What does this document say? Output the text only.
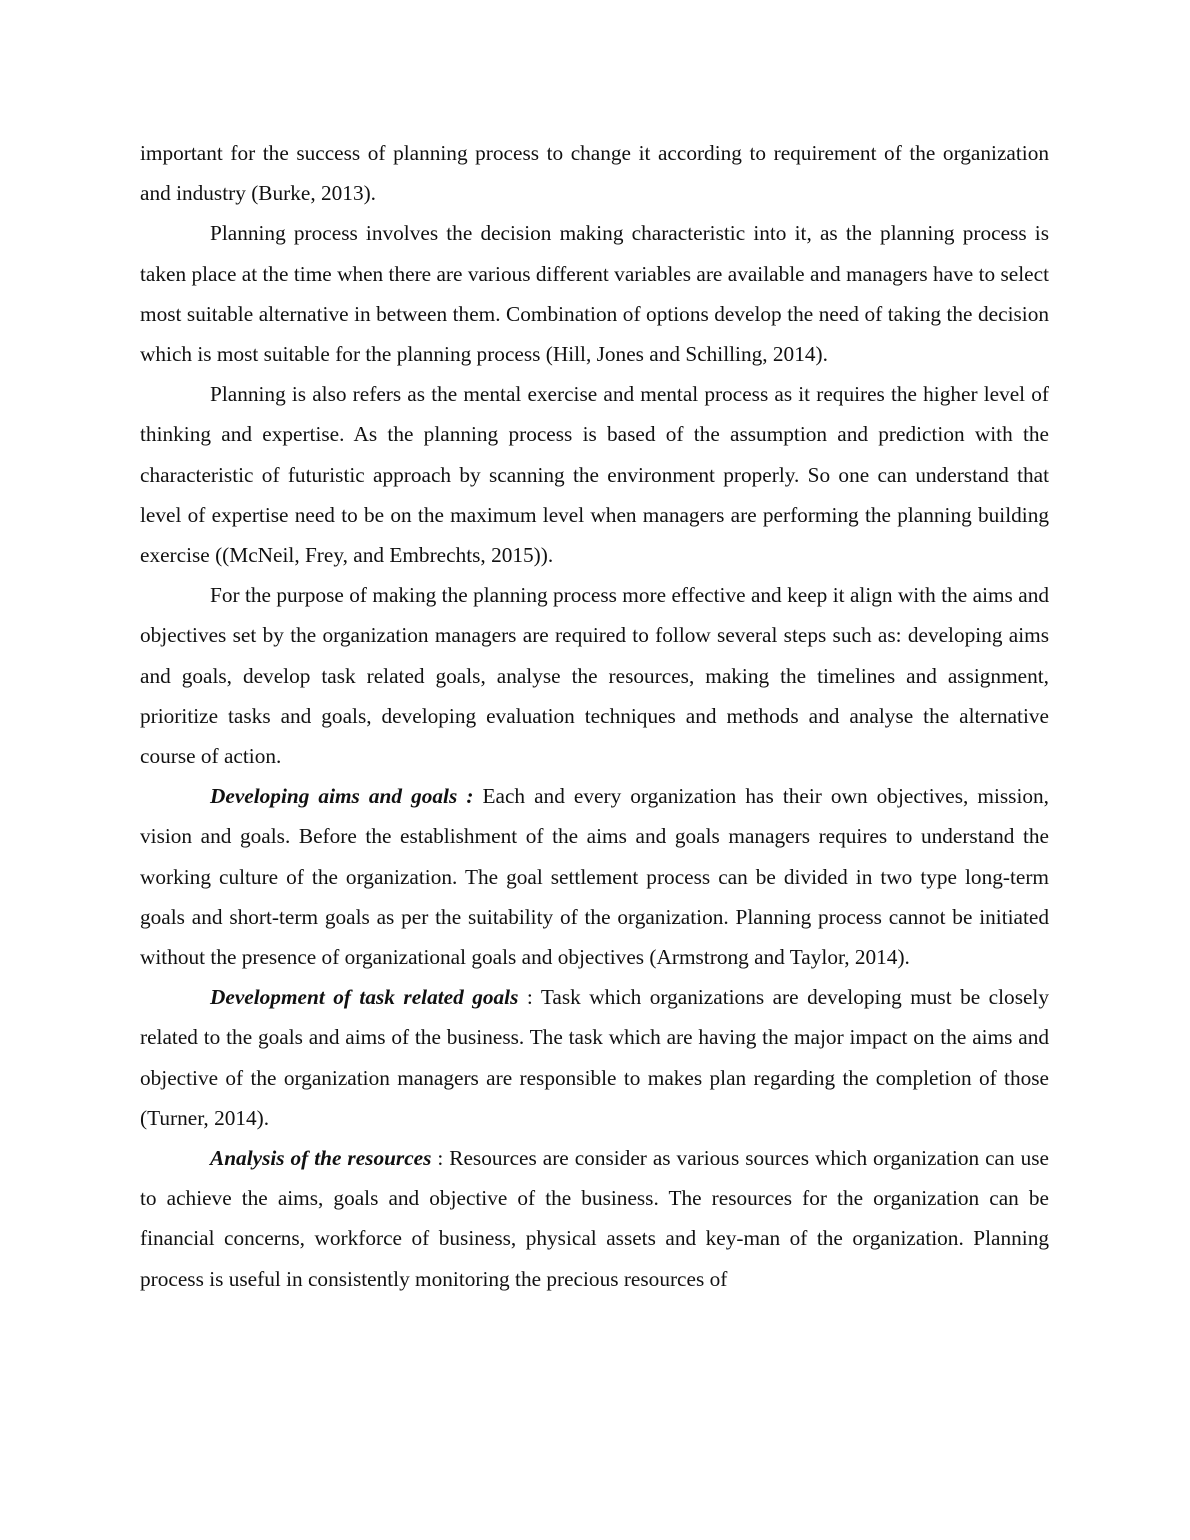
important for the success of planning process to change it according to requirement of the organization and industry (Burke, 2013).

Planning process involves the decision making characteristic into it, as the planning process is taken place at the time when there are various different variables are available and managers have to select most suitable alternative in between them. Combination of options develop the need of taking the decision which is most suitable for the planning process (Hill, Jones and Schilling, 2014).

Planning is also refers as the mental exercise and mental process as it requires the higher level of thinking and expertise. As the planning process is based of the assumption and prediction with the characteristic of futuristic approach by scanning the environment properly. So one can understand that level of expertise need to be on the maximum level when managers are performing the planning building exercise ((McNeil, Frey, and Embrechts, 2015)).

For the purpose of making the planning process more effective and keep it align with the aims and objectives set by the organization managers are required to follow several steps such as: developing aims and goals, develop task related goals, analyse the resources, making the timelines and assignment, prioritize tasks and goals, developing evaluation techniques and methods and analyse the alternative course of action.

Developing aims and goals : Each and every organization has their own objectives, mission, vision and goals. Before the establishment of the aims and goals managers requires to understand the working culture of the organization. The goal settlement process can be divided in two type long-term goals and short-term goals as per the suitability of the organization. Planning process cannot be initiated without the presence of organizational goals and objectives (Armstrong and Taylor, 2014).

Development of task related goals : Task which organizations are developing must be closely related to the goals and aims of the business. The task which are having the major impact on the aims and objective of the organization managers are responsible to makes plan regarding the completion of those (Turner, 2014).

Analysis of the resources : Resources are consider as various sources which organization can use to achieve the aims, goals and objective of the business. The resources for the organization can be financial concerns, workforce of business, physical assets and key-man of the organization. Planning process is useful in consistently monitoring the precious resources of
